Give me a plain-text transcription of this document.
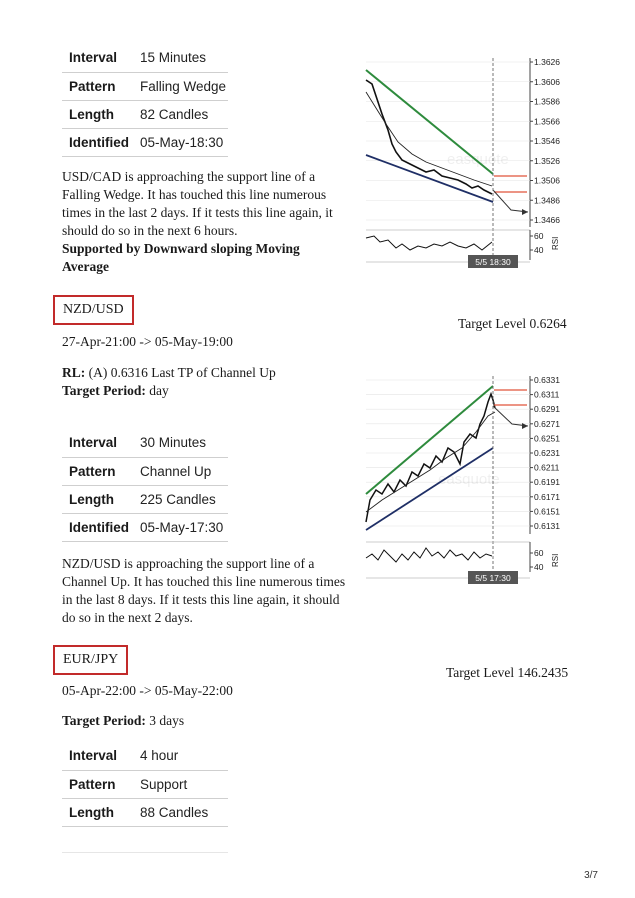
Interval	15 Minutes
Pattern	Falling Wedge
Length	82 Candles
Identified	05-May-18:30
USD/CAD is approaching the support line of a Falling Wedge. It has touched this line numerous times in the last 2 days. If it tests this line again, it should do so in the next 6 hours.
Supported by Downward sloping Moving Average
1.3626
1.3606
1.3586
1.3566
1.3546
1.3526
1.3506
1.3486
1.3466
easquote
60
40 RSI
5/5 18:30
NZD/USD
Target Level 0.6264
27-Apr-21:00 -> 05-May-19:00
RL: (A) 0.6316 Last TP of Channel Up
Target Period: day
Interval	30 Minutes
Pattern	Channel Up
Length	225 Candles
Identified	05-May-17:30
NZD/USD is approaching the support line of a Channel Up. It has touched this line numerous times in the last 8 days. If it tests this line again, it should do so in the next 2 days.
0.6331
0.6311
0.6291
0.6271
0.6251
0.6231
0.6211
0.6191
0.6171
0.6151
0.6131
easquote
60
40 RSI
5/5 17:30
EUR/JPY
Target Level 146.2435
05-Apr-22:00 -> 05-May-22:00
Target Period: 3 days
Interval	4 hour
Pattern	Support
Length	88 Candles
3/7
